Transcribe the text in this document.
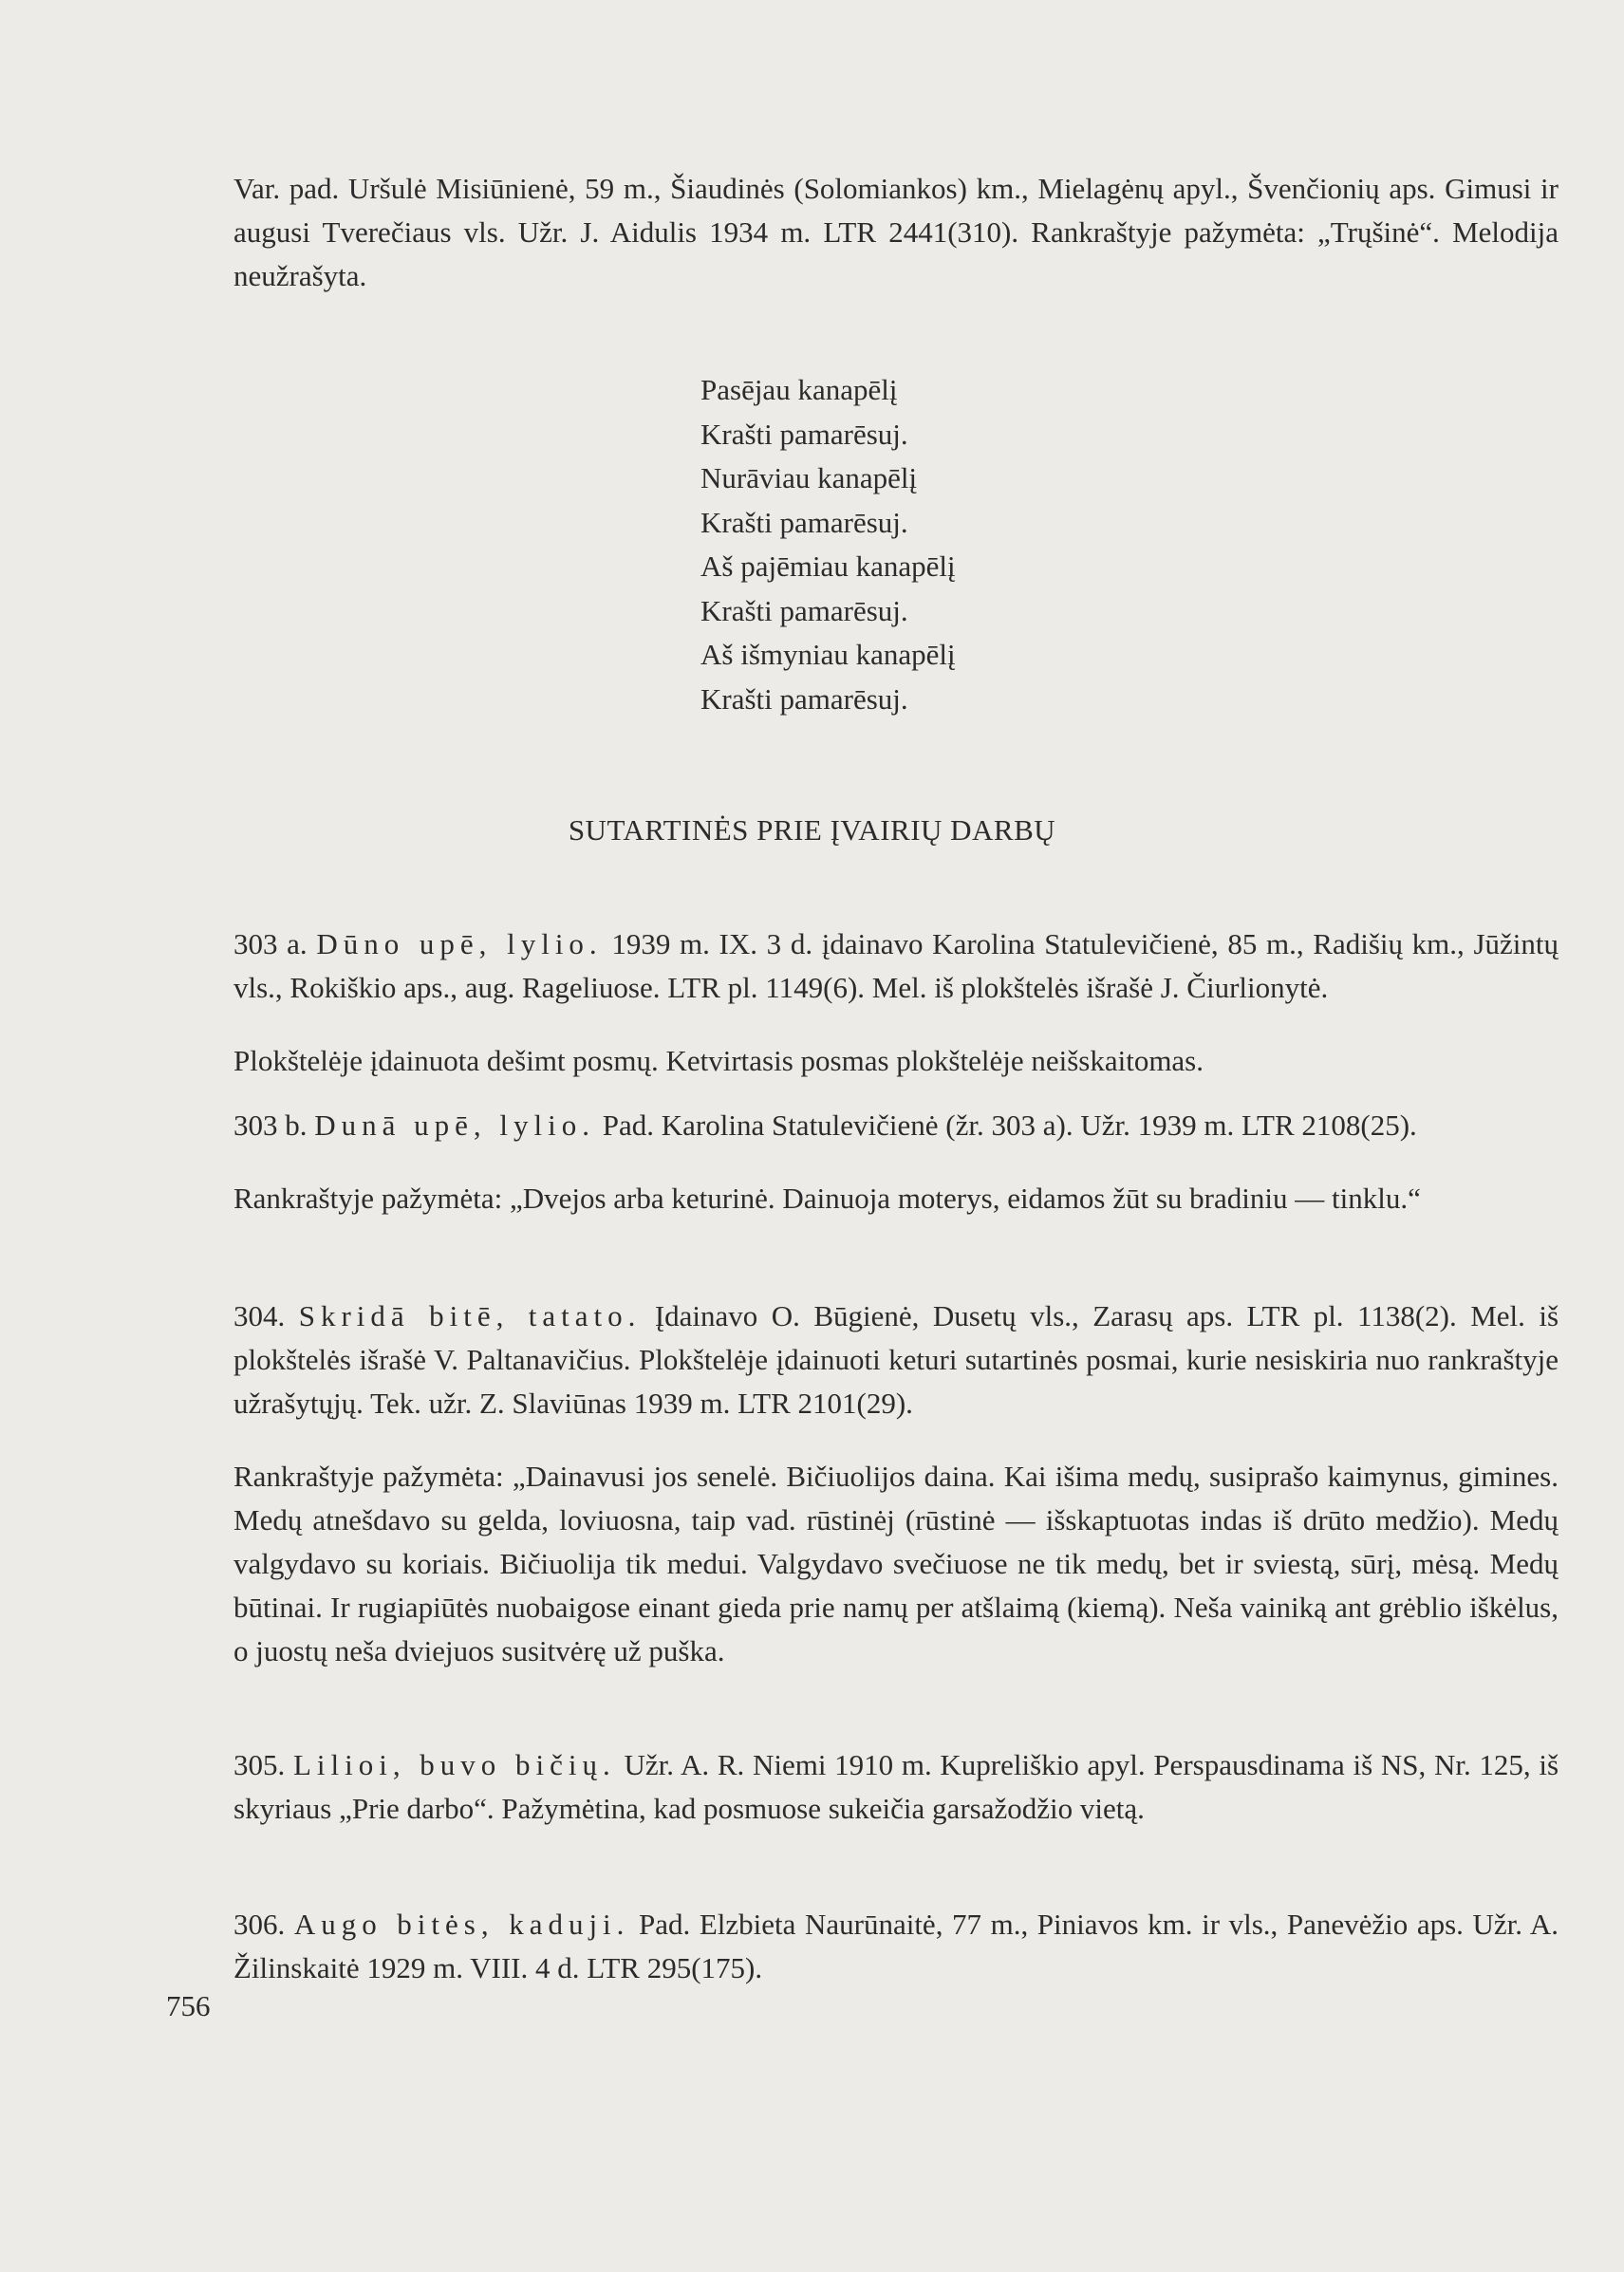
Var. pad. Uršulė Misiūnienė, 59 m., Šiaudinės (Solomiankos) km., Mielagėnų apyl., Švenčionių aps. Gimusi ir augusi Tverečiaus vls. Užr. J. Aidulis 1934 m. LTR 2441(310). Rankraštyje pažymėta: „Trųšinė“. Melodija neužrašyta.

Pasējau kanapēlį
Krašti pamarēsuj.
Nurāviau kanapēlį
Krašti pamarēsuj.
Aš pajēmiau kanapēlį
Krašti pamarēsuj.
Aš išmyniau kanapēlį
Krašti pamarēsuj.
SUTARTINĖS PRIE ĮVAIRIŲ DARBŲ

303 a. Dūno upē, lylio. 1939 m. IX. 3 d. įdainavo Karolina Statulevičienė, 85 m., Radišių km., Jūžintų vls., Rokiškio aps., aug. Rageliuose. LTR pl. 1149(6). Mel. iš plokštelės išrašė J. Čiurlionytė.

Plokštelėje įdainuota dešimt posmų. Ketvirtasis posmas plokštelėje neišskaitomas.

303 b. Dunā upē, lylio. Pad. Karolina Statulevičienė (žr. 303 a). Užr. 1939 m. LTR 2108(25).

Rankraštyje pažymėta: „Dvejos arba keturinė. Dainuoja moterys, eidamos žūt su bradiniu — tinklu.“

304. Skridā bitē, tatato. Įdainavo O. Būgienė, Dusetų vls., Zarasų aps. LTR pl. 1138(2). Mel. iš plokštelės išrašė V. Paltanavičius. Plokštelėje įdainuoti keturi sutartinės posmai, kurie nesiskiria nuo rankraštyje užrašytųjų. Tek. užr. Z. Slaviūnas 1939 m. LTR 2101(29).

Rankraštyje pažymėta: „Dainavusi jos senelė. Bičiuolijos daina. Kai išima medų, susiprašo kaimynus, gimines. Medų atnešdavo su gelda, loviuosna, taip vad. rūstinėj (rūstinė — išskaptuotas indas iš drūto medžio). Medų valgydavo su koriais. Bičiuolija tik medui. Valgydavo svečiuose ne tik medų, bet ir sviestą, sūrį, mėsą. Medų būtinai. Ir rugiapiūtės nuobaigose einant gieda prie namų per atšlaimą (kiemą). Neša vainiką ant grėblio iškėlus, o juostų neša dviejuos susitvėrę už puška.

305. Lilioi, buvo bičių. Užr. A. R. Niemi 1910 m. Kupreliškio apyl. Perspausdinama iš NS, Nr. 125, iš skyriaus „Prie darbo“. Pažymėtina, kad posmuose sukeičia garsažodžio vietą.

306. Augo bitės, kaduji. Pad. Elzbieta Naurūnaitė, 77 m., Piniavos km. ir vls., Panevėžio aps. Užr. A. Žilinskaitė 1929 m. VIII. 4 d. LTR 295(175).

756
